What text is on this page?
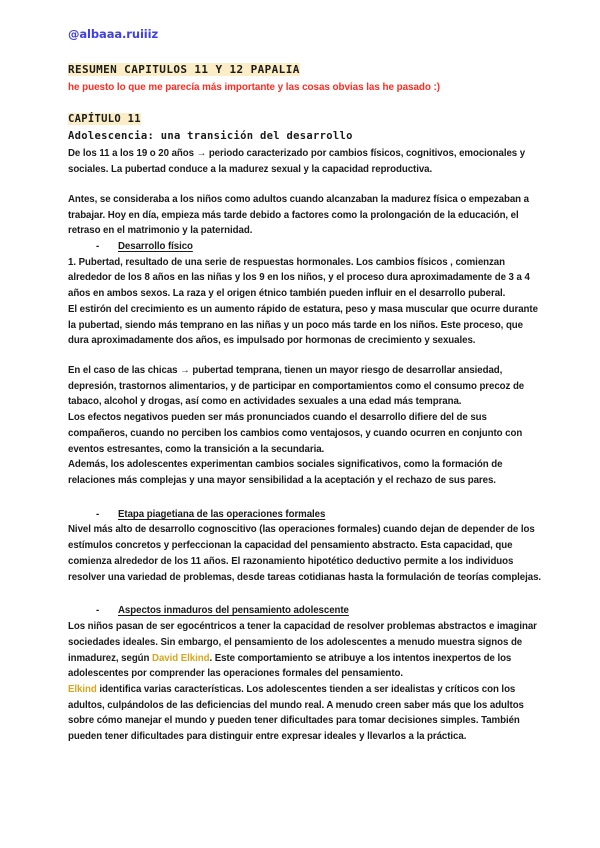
@albaaa.ruiiiz
RESUMEN CAPITULOS 11 Y 12 PAPALIA
he puesto lo que me parecía más importante y las cosas obvias las he pasado :)
CAPÍTULO 11
Adolescencia: una transición del desarrollo

De los 11 a los 19 o 20 años → periodo caracterizado por cambios físicos, cognitivos, emocionales y sociales. La pubertad conduce a la madurez sexual y la capacidad reproductiva.

Antes, se consideraba a los niños como adultos cuando alcanzaban la madurez física o empezaban a trabajar. Hoy en día, empieza más tarde debido a factores como la prolongación de la educación, el retraso en el matrimonio y la paternidad.

- Desarrollo físico

1. Pubertad, resultado de una serie de respuestas hormonales. Los cambios físicos , comienzan alrededor de los 8 años en las niñas y los 9 en los niños, y el proceso dura aproximadamente de 3 a 4 años en ambos sexos. La raza y el origen étnico también pueden influir en el desarrollo puberal.

El estirón del crecimiento es un aumento rápido de estatura, peso y masa muscular que ocurre durante la pubertad, siendo más temprano en las niñas y un poco más tarde en los niños. Este proceso, que dura aproximadamente dos años, es impulsado por hormonas de crecimiento y sexuales.

En el caso de las chicas → pubertad temprana, tienen un mayor riesgo de desarrollar ansiedad, depresión, trastornos alimentarios, y de participar en comportamientos como el consumo precoz de tabaco, alcohol y drogas, así como en actividades sexuales a una edad más temprana.

Los efectos negativos pueden ser más pronunciados cuando el desarrollo difiere del de sus compañeros, cuando no perciben los cambios como ventajosos, y cuando ocurren en conjunto con eventos estresantes, como la transición a la secundaria.

Además, los adolescentes experimentan cambios sociales significativos, como la formación de relaciones más complejas y una mayor sensibilidad a la aceptación y el rechazo de sus pares.

- Etapa piagetiana de las operaciones formales

Nivel más alto de desarrollo cognoscitivo (las operaciones formales) cuando dejan de depender de los estímulos concretos y perfeccionan la capacidad del pensamiento abstracto. Esta capacidad, que comienza alrededor de los 11 años. El razonamiento hipotético deductivo permite a los individuos resolver una variedad de problemas, desde tareas cotidianas hasta la formulación de teorías complejas.

- Aspectos inmaduros del pensamiento adolescente

Los niños pasan de ser egocéntricos a tener la capacidad de resolver problemas abstractos e imaginar sociedades ideales. Sin embargo, el pensamiento de los adolescentes a menudo muestra signos de inmadurez, según David Elkind. Este comportamiento se atribuye a los intentos inexpertos de los adolescentes por comprender las operaciones formales del pensamiento.

Elkind identifica varias características. Los adolescentes tienden a ser idealistas y críticos con los adultos, culpándolos de las deficiencias del mundo real. A menudo creen saber más que los adultos sobre cómo manejar el mundo y pueden tener dificultades para tomar decisiones simples. También pueden tener dificultades para distinguir entre expresar ideales y llevarlos a la práctica.
